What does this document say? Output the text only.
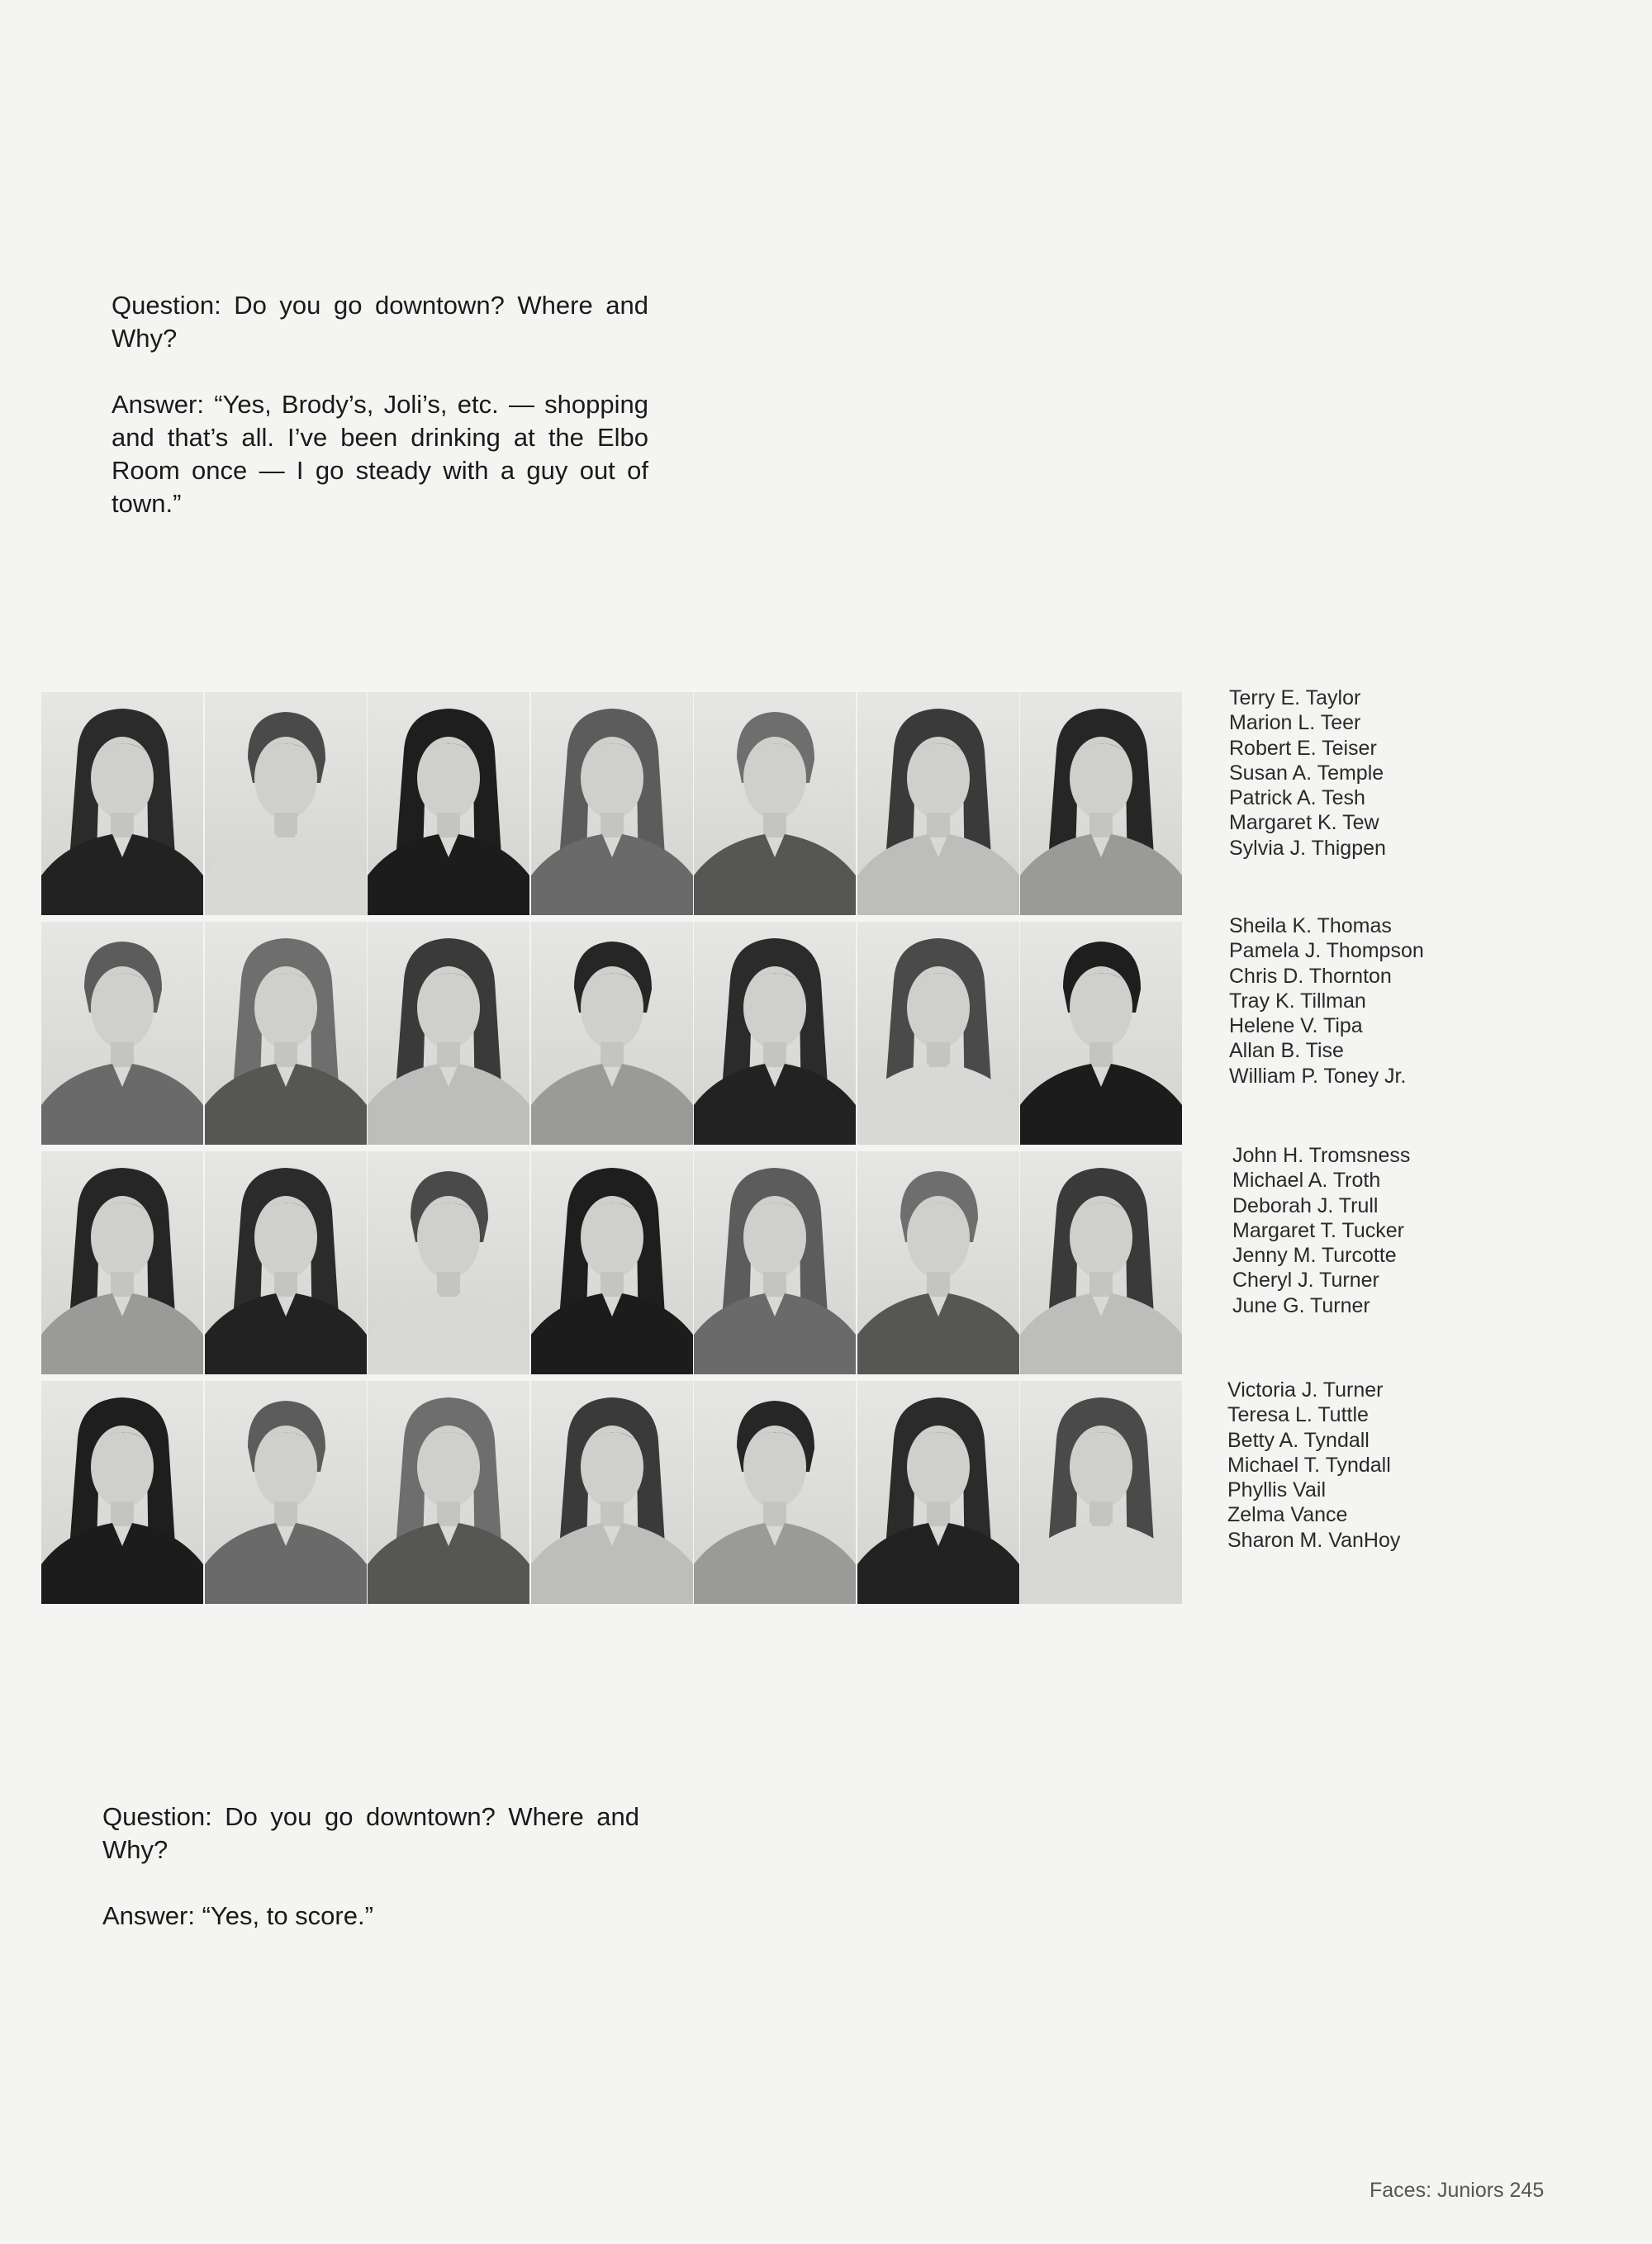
Question: Do you go downtown? Where and Why?

Answer: “Yes, Brody’s, Joli’s, etc. — shopping and that’s all. I’ve been drinking at the Elbo Room once — I go steady with a guy out of town.”

Terry E. Taylor
Marion L. Teer
Robert E. Teiser
Susan A. Temple
Patrick A. Tesh
Margaret K. Tew
Sylvia J. Thigpen
Sheila K. Thomas
Pamela J. Thompson
Chris D. Thornton
Tray K. Tillman
Helene V. Tipa
Allan B. Tise
William P. Toney Jr.
John H. Tromsness
Michael A. Troth
Deborah J. Trull
Margaret T. Tucker
Jenny M. Turcotte
Cheryl J. Turner
June G. Turner
Victoria J. Turner
Teresa L. Tuttle
Betty A. Tyndall
Michael T. Tyndall
Phyllis Vail
Zelma Vance
Sharon M. VanHoy

Question: Do you go downtown? Where and Why?

Answer: “Yes, to score.”

Faces: Juniors 245
